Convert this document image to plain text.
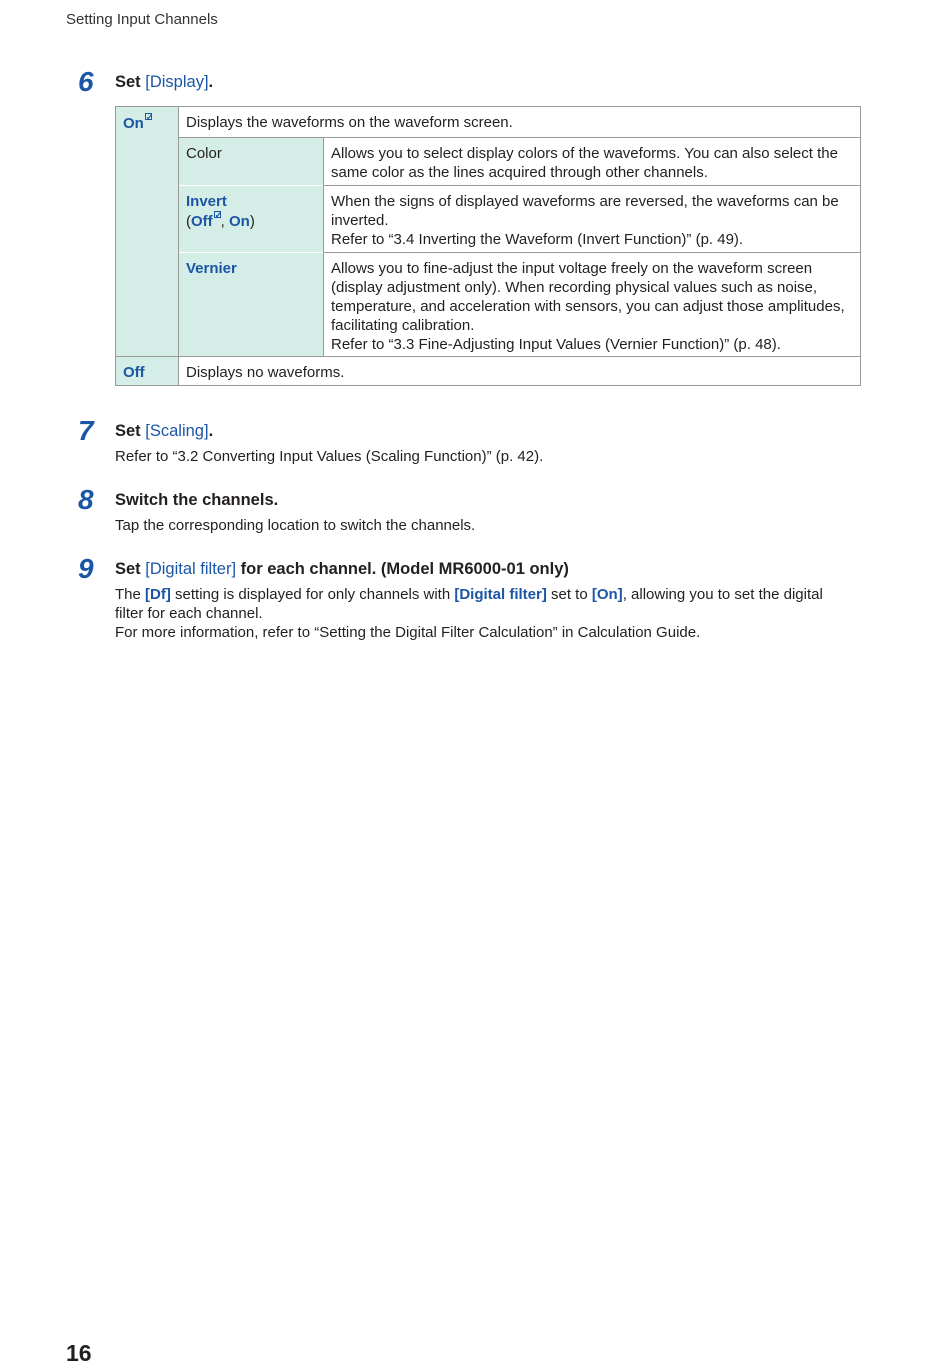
Setting Input Channels
6 Set [Display].
On ✓
Off
Displays the waveforms on the waveform screen.
Color
Invert
(Off ✓, On)
Vernier
Allows you to select display colors of the waveforms. You can also select the same color as the lines acquired through other channels.
When the signs of displayed waveforms are reversed, the waveforms can be inverted.
Refer to “3.4 Inverting the Waveform (Invert Function)” (p. 49).
Allows you to fine-adjust the input voltage freely on the waveform screen (display adjustment only). When recording physical values such as noise, temperature, and acceleration with sensors, you can adjust those amplitudes, facilitating calibration.
Refer to “3.3 Fine-Adjusting Input Values (Vernier Function)” (p. 48).
Displays no waveforms.
7 Set [Scaling].
Refer to “3.2 Converting Input Values (Scaling Function)” (p. 42).
8 Switch the channels.
Tap the corresponding location to switch the channels.
9 Set [Digital filter] for each channel. (Model MR6000-01 only)
The [Df] setting is displayed for only channels with [Digital filter] set to [On], allowing you to set the digital filter for each channel.
For more information, refer to “Setting the Digital Filter Calculation” in Calculation Guide.
16
